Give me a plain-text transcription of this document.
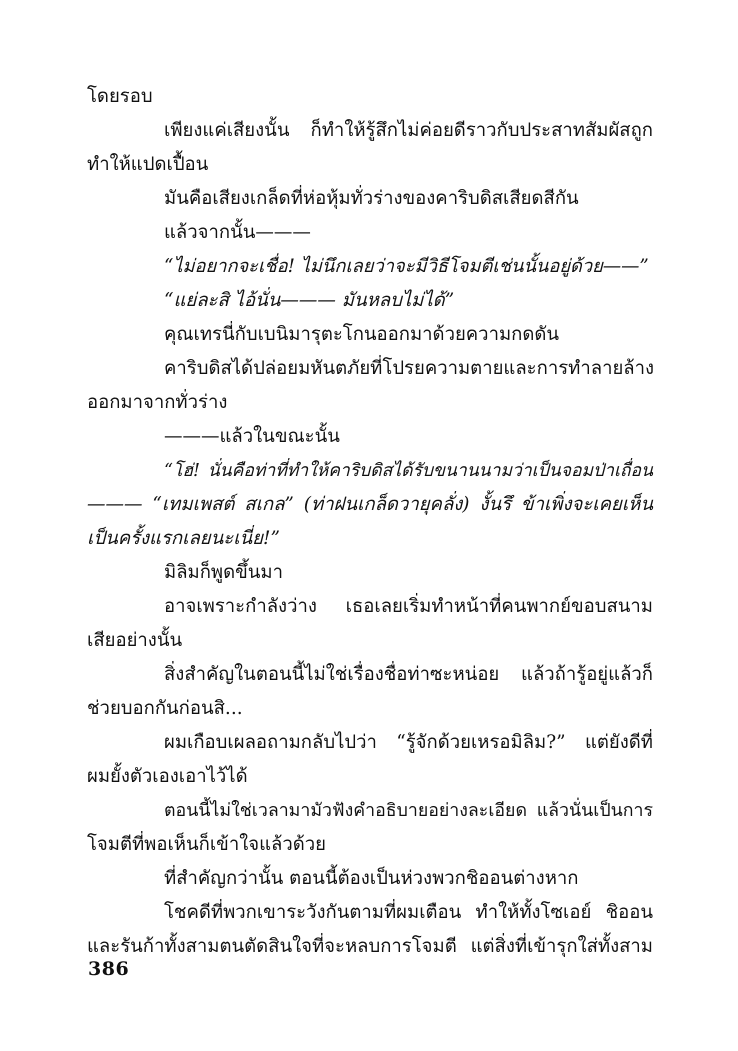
โดยรอบ
เพียงแค่เสียงนั้น ก็ทำให้รู้สึกไม่ค่อยดีราวกับประสาทสัมผัสถูก
ทำให้แปดเปื้อน
มันคือเสียงเกล็ดที่ห่อหุ้มทั่วร่างของคาริบดิสเสียดสีกัน
แล้วจากนั้น———
“ไม่อยากจะเชื่อ! ไม่นึกเลยว่าจะมีวิธีโจมตีเช่นนั้นอยู่ด้วย——”
“แย่ละสิ ไอ้นั่น——— มันหลบไม่ได้”
คุณเทรนี่กับเบนิมารุตะโกนออกมาด้วยความกดดัน
คาริบดิสได้ปล่อยมหันตภัยที่โปรยความตายและการทำลายล้าง
ออกมาจากทั่วร่าง
———แล้วในขณะนั้น
“โฮ่! นั่นคือท่าที่ทำให้คาริบดิสได้รับขนานนามว่าเป็นจอมป่าเถื่อน
——— “เทมเพสต์ สเกล” (ท่าฝนเกล็ดวายุคลั่ง) งั้นรึ ข้าเพิ่งจะเคยเห็น
เป็นครั้งแรกเลยนะเนี่ย!”
มิลิมก็พูดขึ้นมา
อาจเพราะกำลังว่าง เธอเลยเริ่มทำหน้าที่คนพากย์ขอบสนาม
เสียอย่างนั้น
สิ่งสำคัญในตอนนี้ไม่ใช่เรื่องชื่อท่าซะหน่อย แล้วถ้ารู้อยู่แล้วก็
ช่วยบอกกันก่อนสิ...
ผมเกือบเผลอถามกลับไปว่า “รู้จักด้วยเหรอมิลิม?” แต่ยังดีที่
ผมยั้งตัวเองเอาไว้ได้
ตอนนี้ไม่ใช่เวลามามัวฟังคำอธิบายอย่างละเอียด แล้วนั่นเป็นการ
โจมตีที่พอเห็นก็เข้าใจแล้วด้วย
ที่สำคัญกว่านั้น ตอนนี้ต้องเป็นห่วงพวกชิออนต่างหาก
โชคดีที่พวกเขาระวังกันตามที่ผมเตือน ทำให้ทั้งโซเอย์ ชิออน
และรันก้าทั้งสามตนตัดสินใจที่จะหลบการโจมตี แต่สิ่งที่เข้ารุกใส่ทั้งสาม
386
